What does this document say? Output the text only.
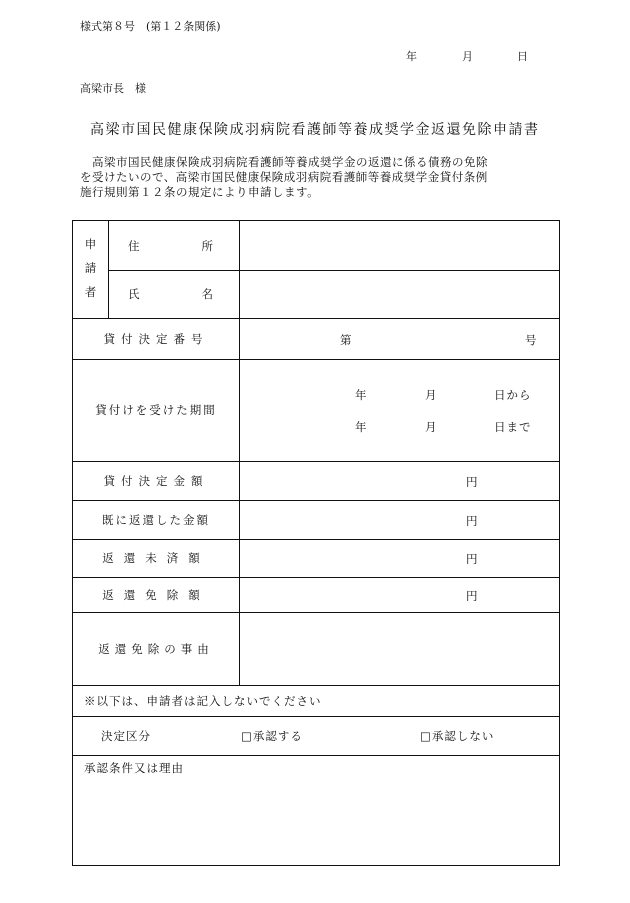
様式第８号　(第１２条関係)
年	月	日
高梁市長　様
高梁市国民健康保険成羽病院看護師等養成奨学金返還免除申請書

高梁市国民健康保険成羽病院看護師等養成奨学金の返還に係る債務の免除

を受けたいので、高梁市国民健康保険成羽病院看護師等養成奨学金貸付条例

施行規則第１２条の規定により申請します。

申
請
者
住	所
氏	名
貸付決定番号	第	号
貸付けを受けた期間
年	月	日から
年	月	日まで
貸付決定金額	円
既に返還した金額	円
返還未済額	円
返還免除額	円
返還免除の事由
※以下は、申請者は記入しないでください
決定区分	□承認する	□承認しない
承認条件又は理由
